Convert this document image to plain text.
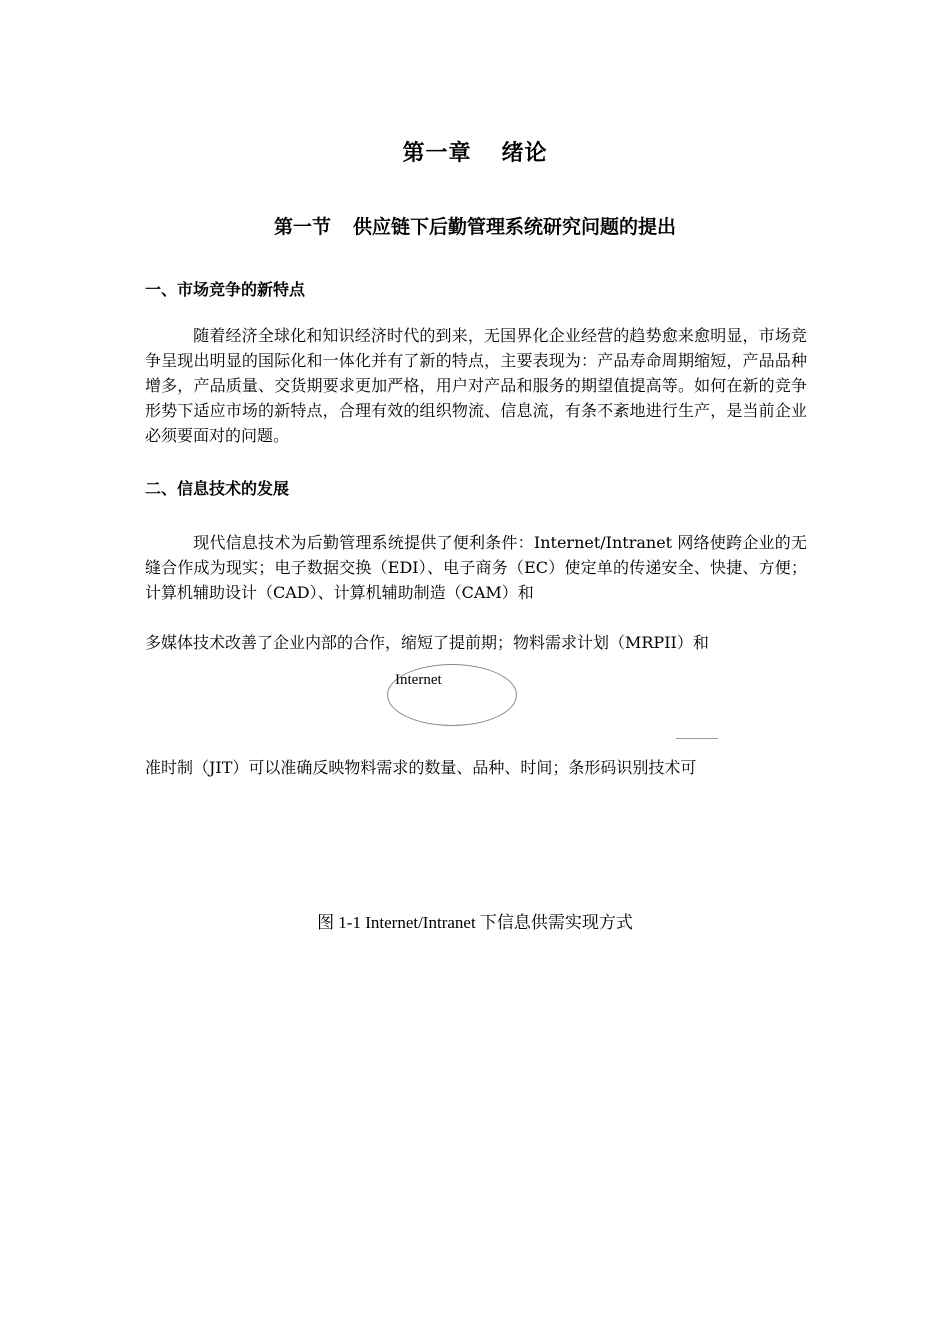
第一章 绪论
第一节 供应链下后勤管理系统研究问题的提出
一、市场竞争的新特点
随着经济全球化和知识经济时代的到来，无国界化企业经营的趋势愈来愈明显，市场竞争呈现出明显的国际化和一体化并有了新的特点，主要表现为：产品寿命周期缩短，产品品种增多，产品质量、交货期要求更加严格，用户对产品和服务的期望值提高等。如何在新的竞争形势下适应市场的新特点，合理有效的组织物流、信息流，有条不紊地进行生产，是当前企业必须要面对的问题。
二、信息技术的发展
现代信息技术为后勤管理系统提供了便利条件：Internet/Intranet 网络使跨企业的无缝合作成为现实；电子数据交换（EDI）、电子商务（EC）使定单的传递安全、快捷、方便；计算机辅助设计（CAD）、计算机辅助制造（CAM）和
多媒体技术改善了企业内部的合作，缩短了提前期；物料需求计划（MRPII）和
Internet
准时制（JIT）可以准确反映物料需求的数量、品种、时间；条形码识别技术可
图 1-1 Internet/Intranet 下信息供需实现方式
